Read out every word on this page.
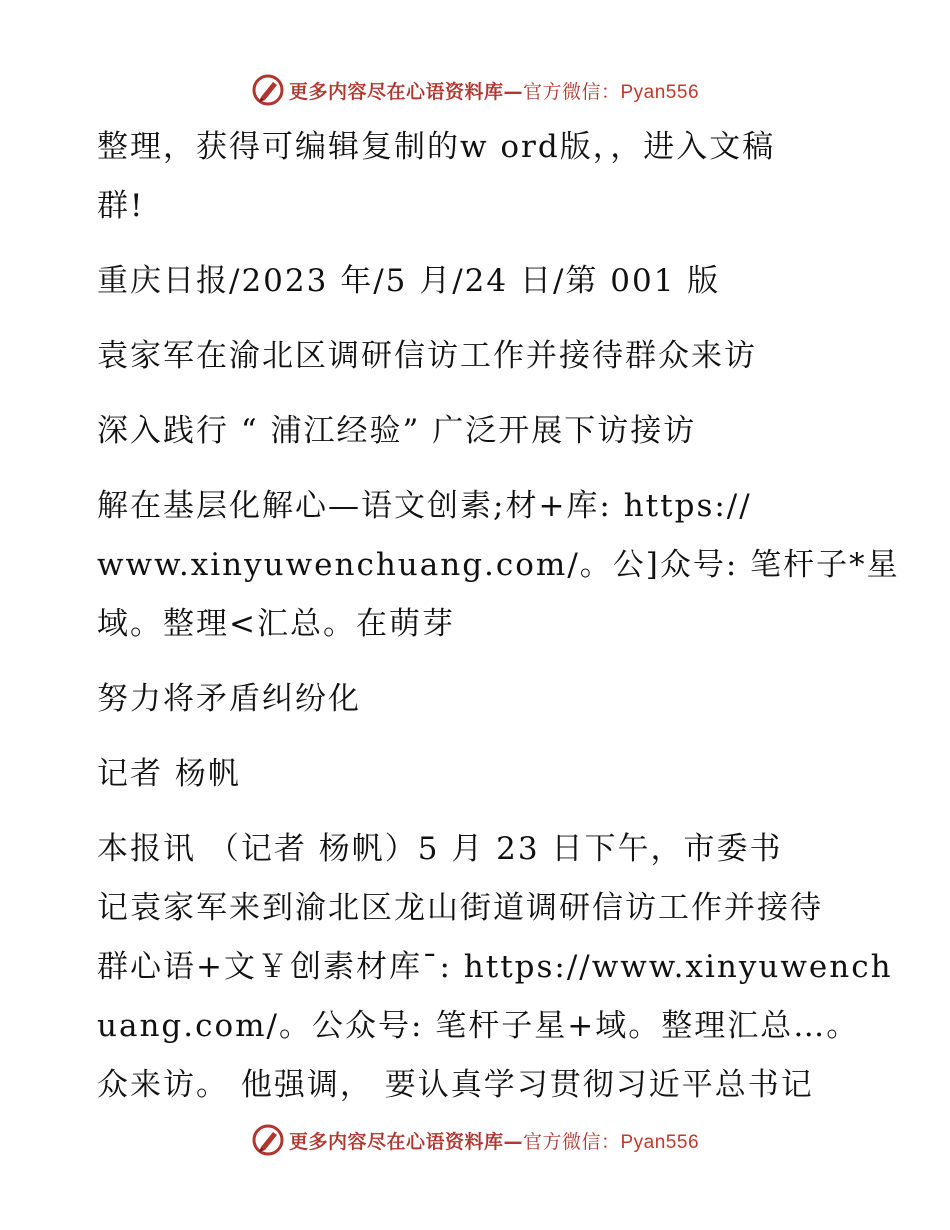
更多内容尽在心语资料库—官方微信：Pyan556
整理，获得可编辑复制的w ord版，，进入文稿
群!
重庆日报/2023 年/5 月/24 日/第 001 版
袁家军在渝北区调研信访工作并接待群众来访
深入践行 “ 浦江经验” 广泛开展下访接访
解在基层化解心—语文创素;材+库: https://
www.xinyuwenchuang.com/。公]众号: 笔杆子*星
域。整理<汇总。在萌芽
努力将矛盾纠纷化
记者 杨帆
本报讯 （记者 杨帆）5 月 23 日下午，市委书
记袁家军来到渝北区龙山街道调研信访工作并接待
群心语+文￥创素材库¯: https://www.xinyuwench
uang.com/。公众号: 笔杆子星+域。整理汇总…。
众来访。 他强调， 要认真学习贯彻习近平总书记
更多内容尽在心语资料库—官方微信：Pyan556
